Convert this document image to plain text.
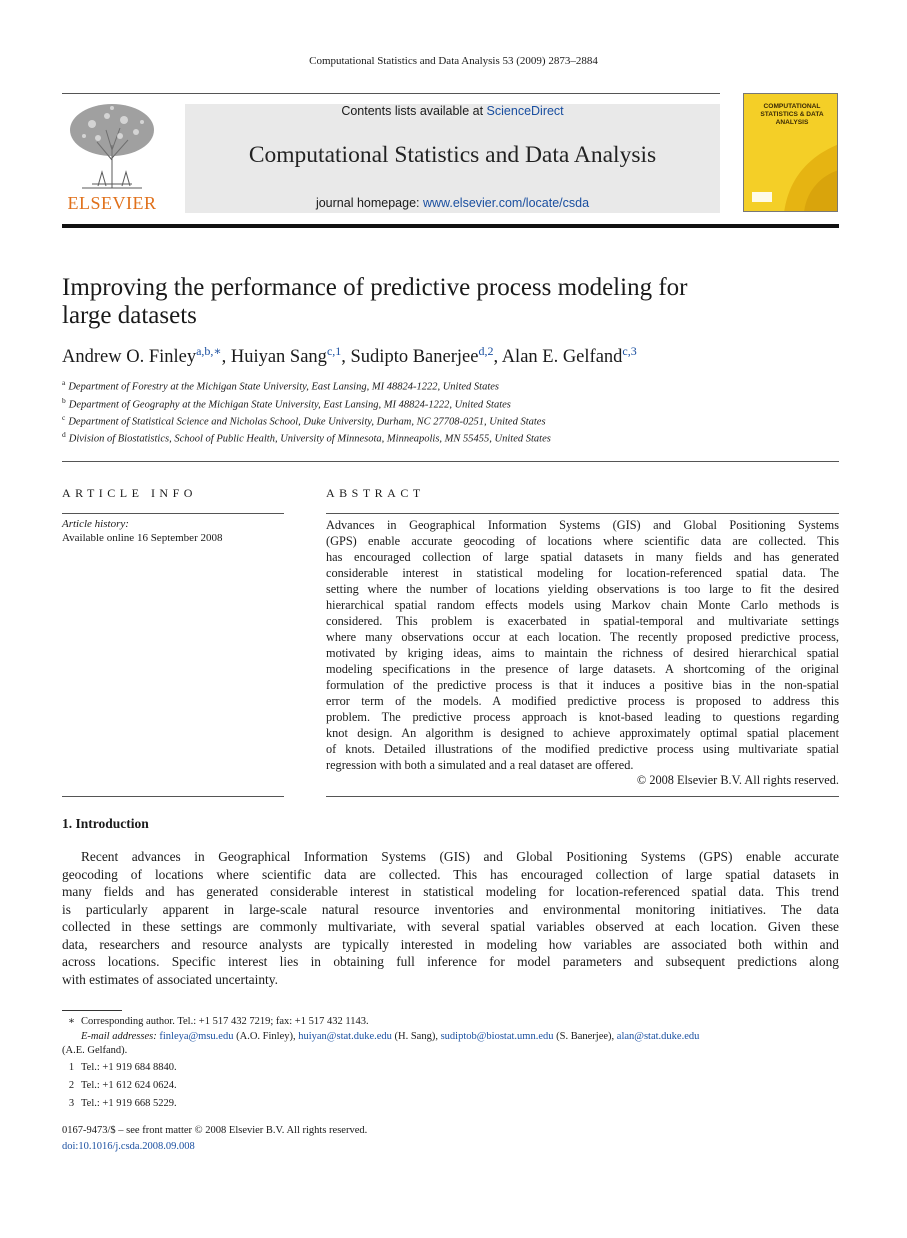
Computational Statistics and Data Analysis 53 (2009) 2873–2884
ELSEVIER
Contents lists available at ScienceDirect
Computational Statistics and Data Analysis
journal homepage: www.elsevier.com/locate/csda
COMPUTATIONAL STATISTICS & DATA ANALYSIS
Improving the performance of predictive process modeling for
large datasets
Andrew O. Finley$^{a,b,∗}$, Huiyan Sang$^{c,1}$, Sudipto Banerjee$^{d,2}$, Alan E. Gelfand$^{c,3}$
$^a$ Department of Forestry at the Michigan State University, East Lansing, MI 48824-1222, United States
$^b$ Department of Geography at the Michigan State University, East Lansing, MI 48824-1222, United States
$^c$ Department of Statistical Science and Nicholas School, Duke University, Durham, NC 27708-0251, United States
$^d$ Division of Biostatistics, School of Public Health, University of Minnesota, Minneapolis, MN 55455, United States
ARTICLE INFO
Article history:
Available online 16 September 2008
ABSTRACT
Advances in Geographical Information Systems (GIS) and Global Positioning Systems
(GPS) enable accurate geocoding of locations where scientific data are collected. This
has encouraged collection of large spatial datasets in many fields and has generated
considerable interest in statistical modeling for location-referenced spatial data. The
setting where the number of locations yielding observations is too large to fit the desired
hierarchical spatial random effects models using Markov chain Monte Carlo methods is
considered. This problem is exacerbated in spatial-temporal and multivariate settings
where many observations occur at each location. The recently proposed predictive process,
motivated by kriging ideas, aims to maintain the richness of desired hierarchical spatial
modeling specifications in the presence of large datasets. A shortcoming of the original
formulation of the predictive process is that it induces a positive bias in the non-spatial
error term of the models. A modified predictive process is proposed to address this
problem. The predictive process approach is knot-based leading to questions regarding
knot design. An algorithm is designed to achieve approximately optimal spatial placement
of knots. Detailed illustrations of the modified predictive process using multivariate spatial
regression with both a simulated and a real dataset are offered.
© 2008 Elsevier B.V. All rights reserved.
1. Introduction
Recent advances in Geographical Information Systems (GIS) and Global Positioning Systems (GPS) enable accurate
geocoding of locations where scientific data are collected. This has encouraged collection of large spatial datasets in
many fields and has generated considerable interest in statistical modeling for location-referenced spatial data. This trend
is particularly apparent in large-scale natural resource inventories and environmental monitoring initiatives. The data
collected in these settings are commonly multivariate, with several spatial variables observed at each location. Given these
data, researchers and resource analysts are typically interested in modeling how variables are associated both within and
across locations. Specific interest lies in obtaining full inference for model parameters and subsequent predictions along
with estimates of associated uncertainty.
∗ Corresponding author. Tel.: +1 517 432 7219; fax: +1 517 432 1143.
E-mail addresses: finleya@msu.edu (A.O. Finley), huiyan@stat.duke.edu (H. Sang), sudiptob@biostat.umn.edu (S. Banerjee), alan@stat.duke.edu
(A.E. Gelfand).
1 Tel.: +1 919 684 8840.
2 Tel.: +1 612 624 0624.
3 Tel.: +1 919 668 5229.
0167-9473/$ – see front matter © 2008 Elsevier B.V. All rights reserved.
doi:10.1016/j.csda.2008.09.008
